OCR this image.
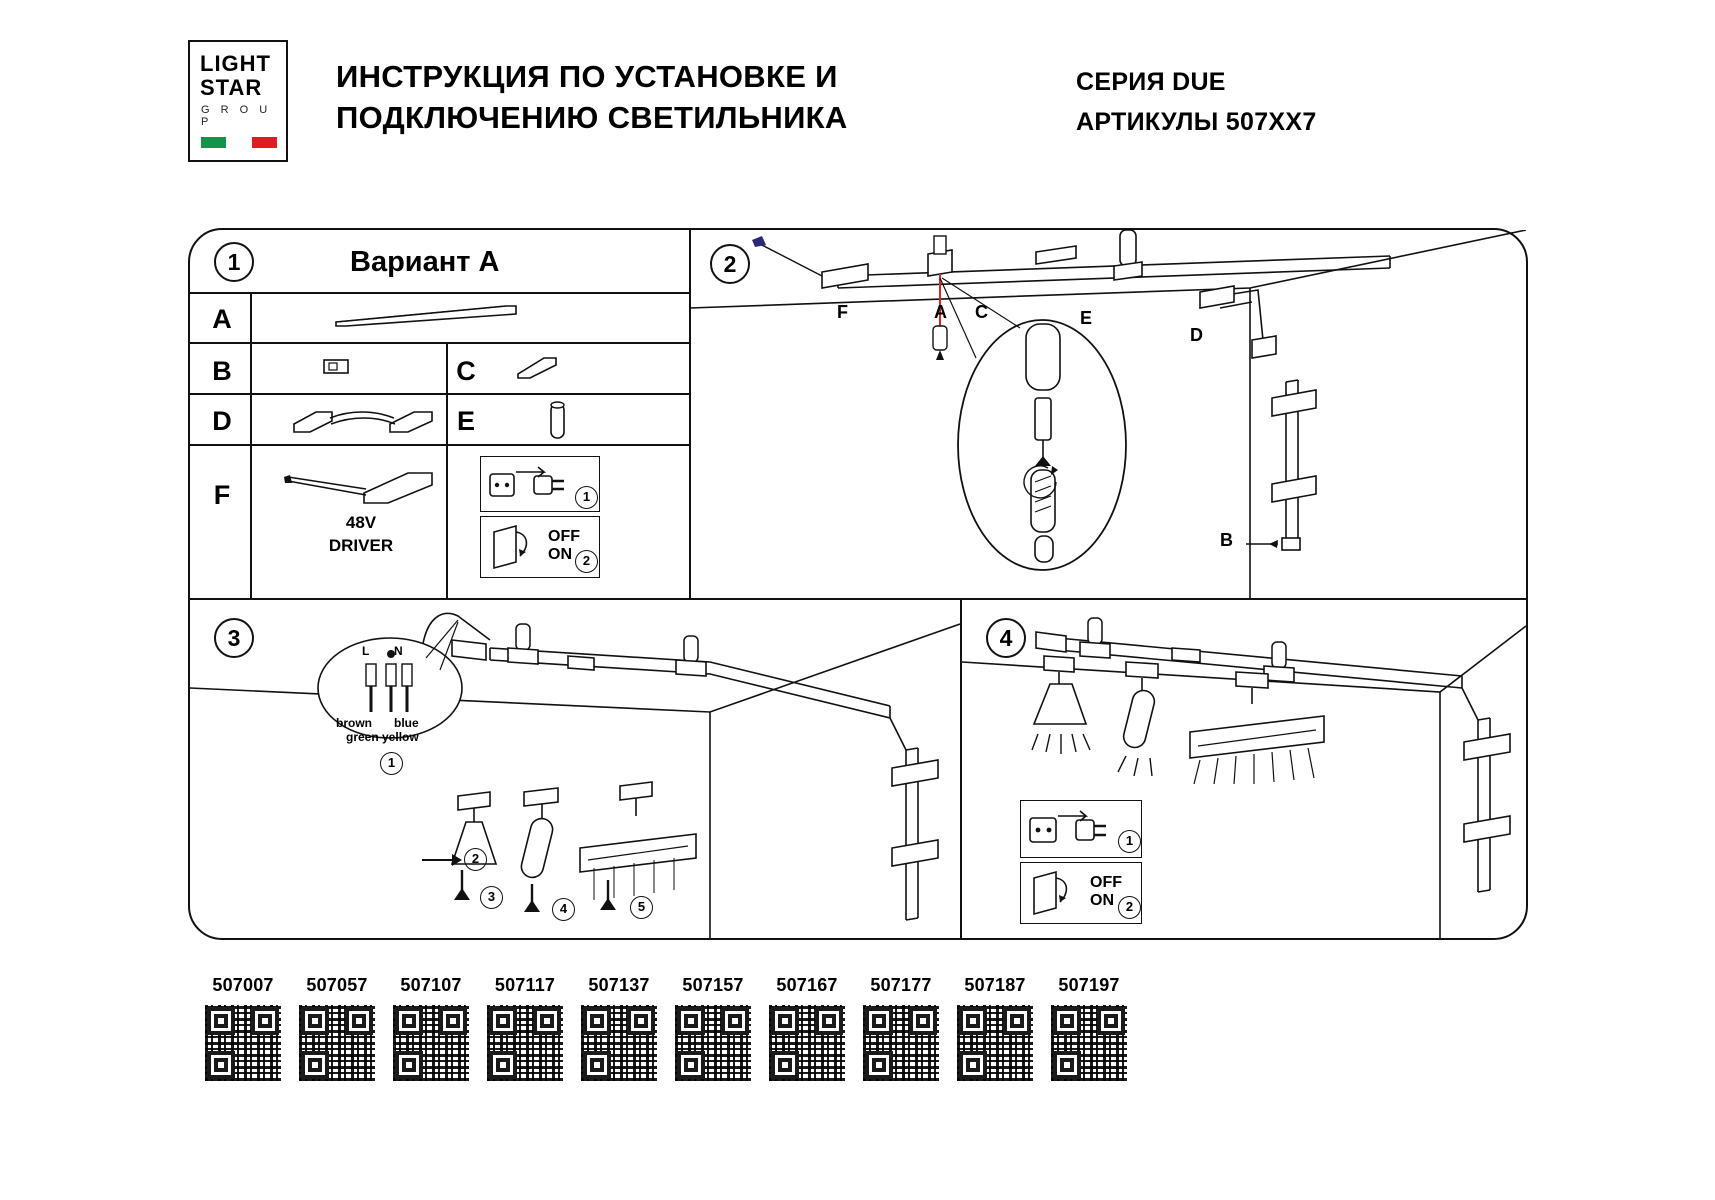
LIGHT
STAR
G R O U P
ИНСТРУКЦИЯ ПО УСТАНОВКЕ И ПОДКЛЮЧЕНИЮ СВЕТИЛЬНИКА
СЕРИЯ DUE
АРТИКУЛЫ 507XX7
1	Вариант А
A
B	C
D	E
F
48V
DRIVER
1
OFF
ON 2
2
F	A C	E
D
B
3	L N
brown blue
green yellow
1
2
3
4	5
4
1
OFF
ON 2
507007	507057	507107	507117	507137	507157	507167	507177	507187	507197
